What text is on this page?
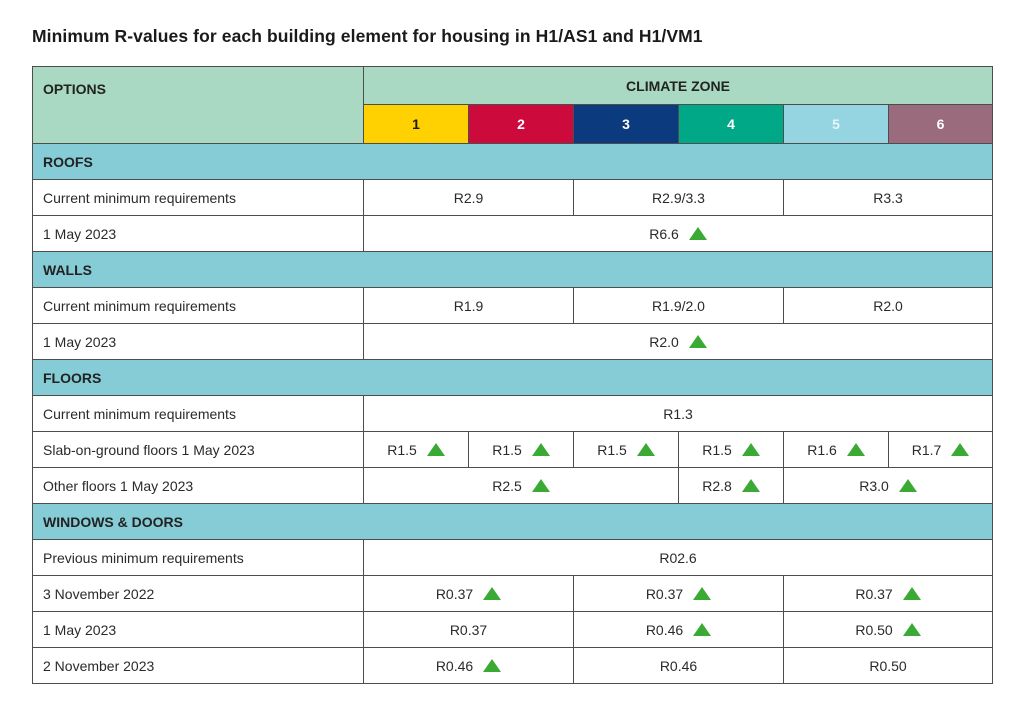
Minimum R-values for each building element for housing in H1/AS1 and H1/VM1
OPTIONS	CLIMATE ZONE					
	1	2	3	4	5	6
ROOFS						
Current minimum requirements	R2.9		R2.9/3.3		R3.3	
1 May 2023	R6.6					
WALLS						
Current minimum requirements	R1.9		R1.9/2.0		R2.0	
1 May 2023	R2.0					
FLOORS						
Current minimum requirements	R1.3					
Slab-on-ground floors 1 May 2023	R1.5	R1.5	R1.5	R1.5	R1.6	R1.7
Other floors 1 May 2023	R2.5			R2.8	R3.0	
WINDOWS & DOORS						
Previous minimum requirements	R02.6					
3 November 2022	R0.37		R0.37		R0.37	
1 May 2023	R0.37		R0.46		R0.50	
2 November 2023	R0.46		R0.46		R0.50	
